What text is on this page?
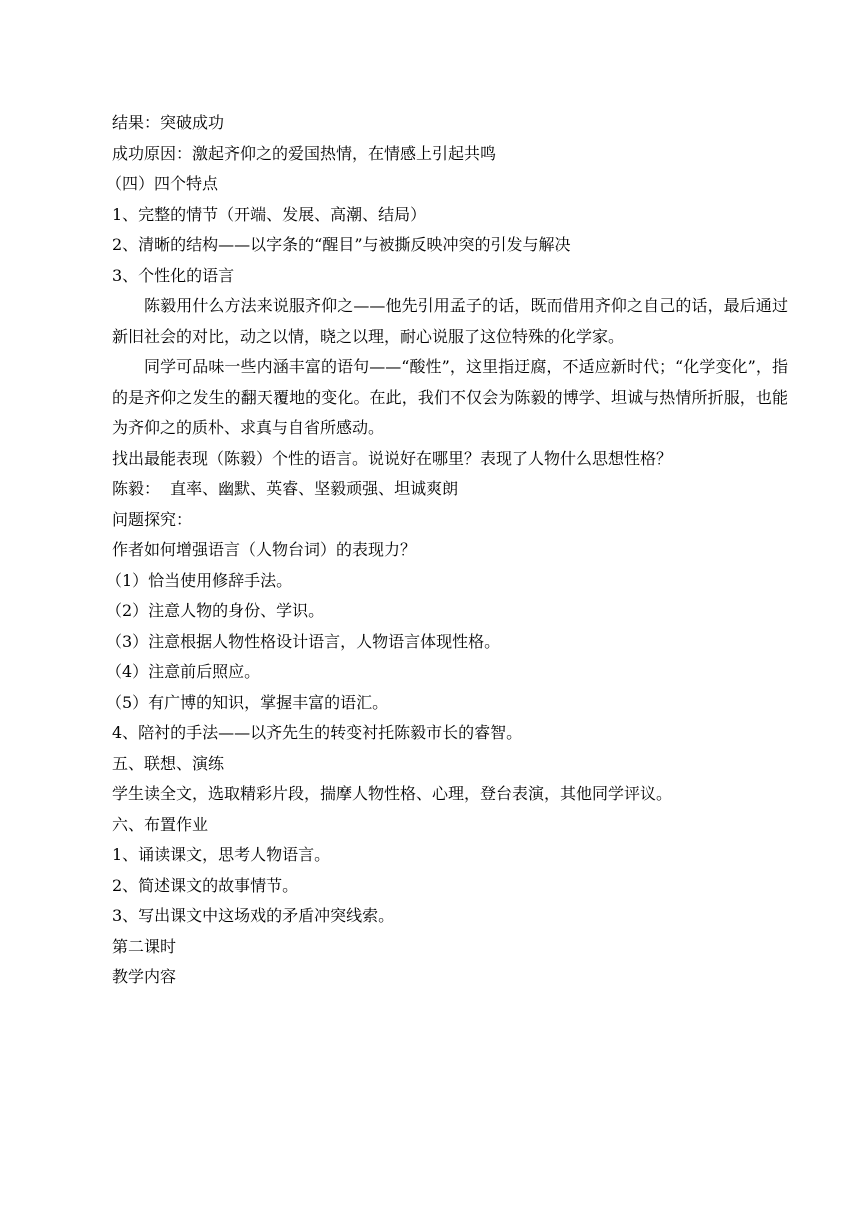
结果：突破成功

成功原因：激起齐仰之的爱国热情，在情感上引起共鸣

（四）四个特点

1、完整的情节（开端、发展、高潮、结局）

2、清晰的结构——以字条的“醒目”与被撕反映冲突的引发与解决

3、个性化的语言

陈毅用什么方法来说服齐仰之——他先引用孟子的话，既而借用齐仰之自己的话，最后通过新旧社会的对比，动之以情，晓之以理，耐心说服了这位特殊的化学家。

同学可品味一些内涵丰富的语句——“酸性”，这里指迂腐，不适应新时代；“化学变化”，指的是齐仰之发生的翻天覆地的变化。在此，我们不仅会为陈毅的博学、坦诚与热情所折服，也能为齐仰之的质朴、求真与自省所感动。

找出最能表现（陈毅）个性的语言。说说好在哪里？表现了人物什么思想性格？

陈毅：  直率、幽默、英睿、坚毅顽强、坦诚爽朗

问题探究：

作者如何增强语言（人物台词）的表现力？

（1）恰当使用修辞手法。

（2）注意人物的身份、学识。

（3）注意根据人物性格设计语言，人物语言体现性格。

（4）注意前后照应。

（5）有广博的知识，掌握丰富的语汇。

4、陪衬的手法——以齐先生的转变衬托陈毅市长的睿智。

五、联想、演练

学生读全文，选取精彩片段，揣摩人物性格、心理，登台表演，其他同学评议。

六、布置作业

1、诵读课文，思考人物语言。

2、简述课文的故事情节。

3、写出课文中这场戏的矛盾冲突线索。

第二课时

教学内容
